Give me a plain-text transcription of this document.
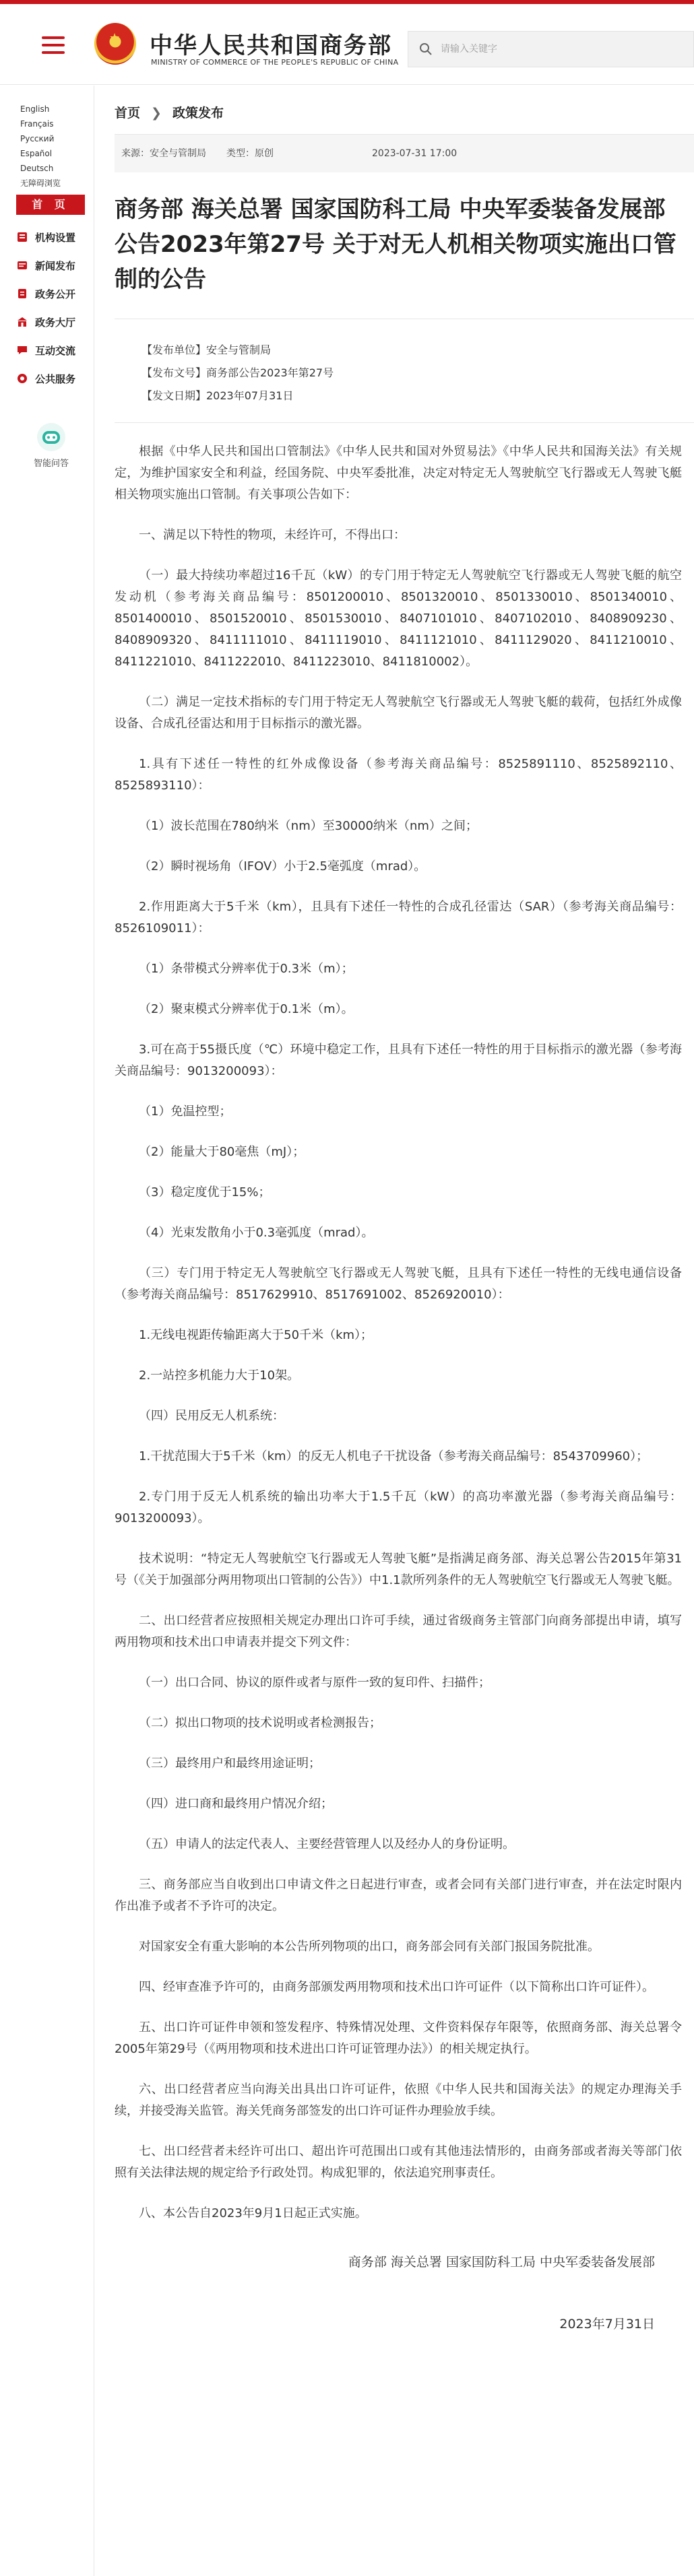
★ 中华人民共和国商务部
MINISTRY OF COMMERCE OF THE PEOPLE'S REPUBLIC OF CHINA
请输入关键字
EnglishFrançais
РусскийEspañol
Deutsch
无障碍浏览
首 页
机构设置
新闻发布
政务公开
政务大厅
互动交流
公共服务
智能问答
首页 ❯ 政策发布
来源：安全与管制局 类型：原创	2023-07-31 17:00
商务部 海关总署 国家国防科工局 中央军委装备发展部公告2023年第27号 关于对无人机相关物项实施出口管制的公告
【发布单位】安全与管制局
【发布文号】商务部公告2023年第27号
【发文日期】2023年07月31日

根据《中华人民共和国出口管制法》《中华人民共和国对外贸易法》《中华人民共和国海关法》有关规定，为维护国家安全和利益，经国务院、中央军委批准，决定对特定无人驾驶航空飞行器或无人驾驶飞艇相关物项实施出口管制。有关事项公告如下：

一、满足以下特性的物项，未经许可，不得出口：

（一）最大持续功率超过16千瓦（kW）的专门用于特定无人驾驶航空飞行器或无人驾驶飞艇的航空发动机（参考海关商品编号：8501200010、8501320010、8501330010、8501340010、8501400010、8501520010、8501530010、8407101010、8407102010、8408909230、8408909320、8411111010、8411119010、8411121010、8411129020、8411210010、8411221010、8411222010、8411223010、8411810002）。

（二）满足一定技术指标的专门用于特定无人驾驶航空飞行器或无人驾驶飞艇的载荷，包括红外成像设备、合成孔径雷达和用于目标指示的激光器。

1.具有下述任一特性的红外成像设备（参考海关商品编号：8525891110、8525892110、8525893110）：

（1）波长范围在780纳米（nm）至30000纳米（nm）之间；

（2）瞬时视场角（IFOV）小于2.5毫弧度（mrad）。

2.作用距离大于5千米（km），且具有下述任一特性的合成孔径雷达（SAR）（参考海关商品编号：8526109011）：

（1）条带模式分辨率优于0.3米（m）；

（2）聚束模式分辨率优于0.1米（m）。

3.可在高于55摄氏度（℃）环境中稳定工作，且具有下述任一特性的用于目标指示的激光器（参考海关商品编号：9013200093）：

（1）免温控型；

（2）能量大于80毫焦（mJ）；

（3）稳定度优于15%；

（4）光束发散角小于0.3毫弧度（mrad）。

（三）专门用于特定无人驾驶航空飞行器或无人驾驶飞艇，且具有下述任一特性的无线电通信设备（参考海关商品编号：8517629910、8517691002、8526920010）：

1.无线电视距传输距离大于50千米（km）；

2.一站控多机能力大于10架。

（四）民用反无人机系统：

1.干扰范围大于5千米（km）的反无人机电子干扰设备（参考海关商品编号：8543709960）；

2.专门用于反无人机系统的输出功率大于1.5千瓦（kW）的高功率激光器（参考海关商品编号：9013200093）。

技术说明：“特定无人驾驶航空飞行器或无人驾驶飞艇”是指满足商务部、海关总署公告2015年第31号（《关于加强部分两用物项出口管制的公告》）中1.1款所列条件的无人驾驶航空飞行器或无人驾驶飞艇。

二、出口经营者应按照相关规定办理出口许可手续，通过省级商务主管部门向商务部提出申请，填写两用物项和技术出口申请表并提交下列文件：

（一）出口合同、协议的原件或者与原件一致的复印件、扫描件；

（二）拟出口物项的技术说明或者检测报告；

（三）最终用户和最终用途证明；

（四）进口商和最终用户情况介绍；

（五）申请人的法定代表人、主要经营管理人以及经办人的身份证明。

三、商务部应当自收到出口申请文件之日起进行审查，或者会同有关部门进行审查，并在法定时限内作出准予或者不予许可的决定。

对国家安全有重大影响的本公告所列物项的出口，商务部会同有关部门报国务院批准。

四、经审查准予许可的，由商务部颁发两用物项和技术出口许可证件（以下简称出口许可证件）。

五、出口许可证件申领和签发程序、特殊情况处理、文件资料保存年限等，依照商务部、海关总署令2005年第29号（《两用物项和技术进出口许可证管理办法》）的相关规定执行。

六、出口经营者应当向海关出具出口许可证件，依照《中华人民共和国海关法》的规定办理海关手续，并接受海关监管。海关凭商务部签发的出口许可证件办理验放手续。

七、出口经营者未经许可出口、超出许可范围出口或有其他违法情形的，由商务部或者海关等部门依照有关法律法规的规定给予行政处罚。构成犯罪的，依法追究刑事责任。

八、本公告自2023年9月1日起正式实施。

商务部 海关总署 国家国防科工局 中央军委装备发展部
2023年7月31日
